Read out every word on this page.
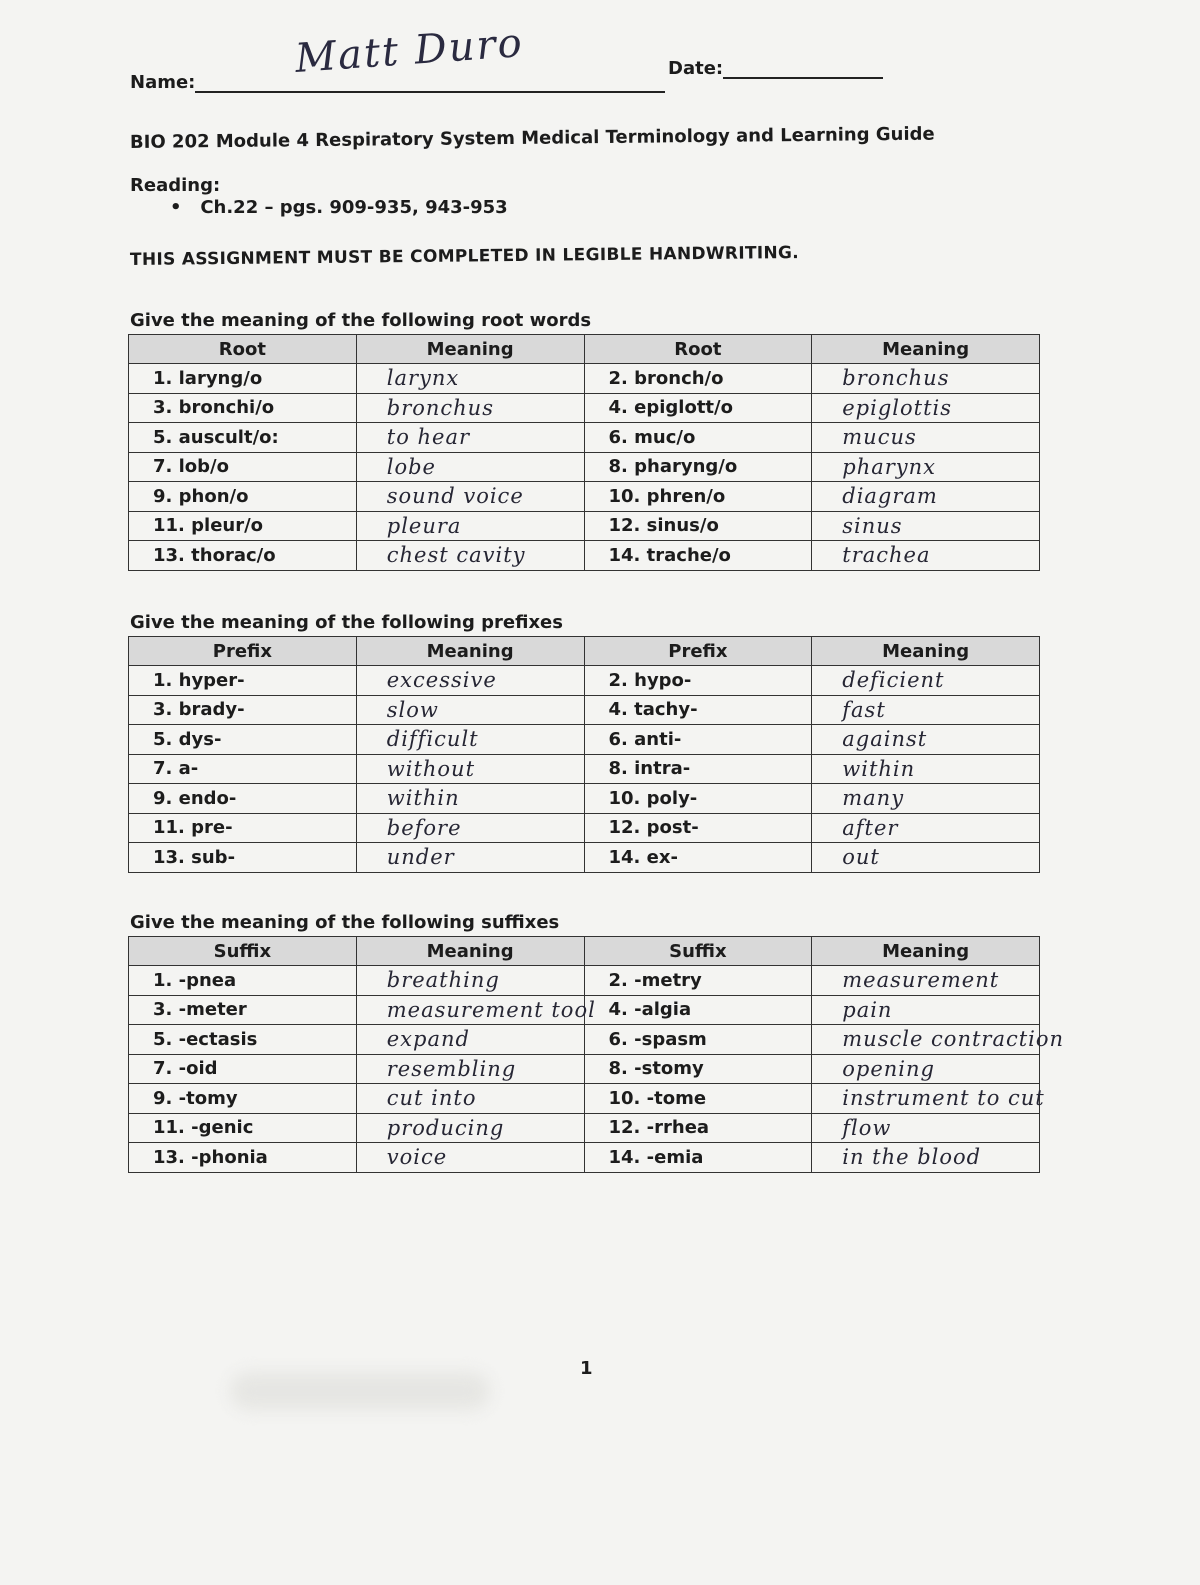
Name:
Matt Duro	Date:
BIO 202 Module 4 Respiratory System Medical Terminology and Learning Guide
Reading:
•   Ch.22 – pgs. 909-935, 943-953
THIS ASSIGNMENT MUST BE COMPLETED IN LEGIBLE HANDWRITING.
Give the meaning of the following root words
Root	Meaning	Root	Meaning
1. laryng/o	larynx	2. bronch/o	bronchus
3. bronchi/o	bronchus	4. epiglott/o	epiglottis
5. auscult/o:	to hear	6. muc/o	mucus
7. lob/o	lobe	8. pharyng/o	pharynx
9. phon/o	sound voice	10. phren/o	diagram
11. pleur/o	pleura	12. sinus/o	sinus
13. thorac/o	chest cavity	14. trache/o	trachea
Give the meaning of the following prefixes
Prefix	Meaning	Prefix	Meaning
1. hyper-	excessive	2. hypo-	deficient
3. brady-	slow	4. tachy-	fast
5. dys-	difficult	6. anti-	against
7. a-	without	8. intra-	within
9. endo-	within	10. poly-	many
11. pre-	before	12. post-	after
13. sub-	under	14. ex-	out
Give the meaning of the following suffixes
Suffix	Meaning	Suffix	Meaning
1. -pnea	breathing	2. -metry	measurement
3. -meter	measurement tool	4. -algia	pain
5. -ectasis	expand	6. -spasm	muscle contraction
7. -oid	resembling	8. -stomy	opening
9. -tomy	cut into	10. -tome	instrument to cut
11. -genic	producing	12. -rrhea	flow
13. -phonia	voice	14. -emia	in the blood
1
